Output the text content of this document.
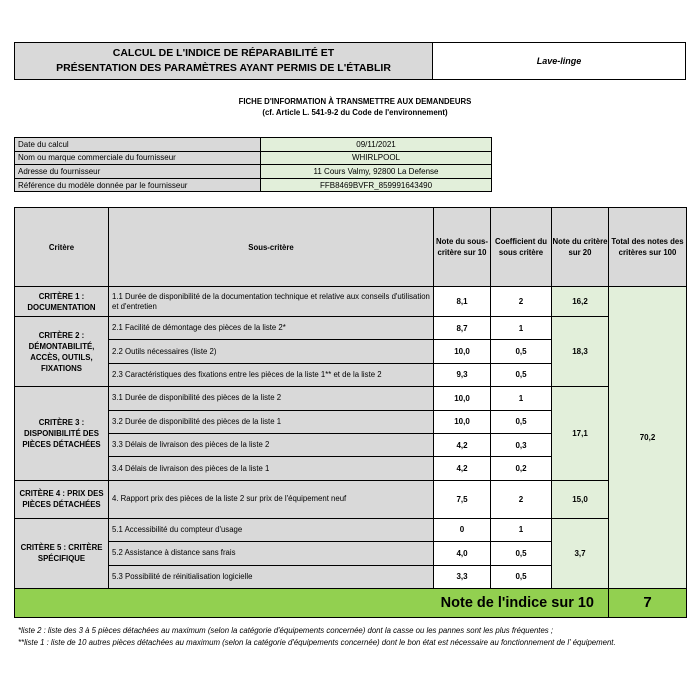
CALCUL DE L'INDICE DE RÉPARABILITÉ ET
PRÉSENTATION DES PARAMÈTRES AYANT PERMIS DE L'ÉTABLIR
Lave-linge
FICHE D'INFORMATION À TRANSMETTRE AUX DEMANDEURS
(cf. Article L. 541-9-2 du Code de l'environnement)
Date du calcul	09/11/2021
Nom ou marque commerciale du fournisseur	WHIRLPOOL
Adresse du fournisseur	11 Cours Valmy, 92800 La Defense
Référence du modèle donnée par le fournisseur	FFB8469BVFR_859991643490
Critère	Sous-critère	Note du sous-critère sur 10	Coefficient du sous critère	Note du critère sur 20	Total des notes des critères sur 100
CRITÈRE 1 : DOCUMENTATION	1.1 Durée de disponibilité de la documentation technique et relative aux conseils d'utilisation et d'entretien	8,1	2	16,2	70,2
CRITÈRE 2 : DÉMONTABILITÉ, ACCÈS, OUTILS, FIXATIONS	2.1 Facilité de démontage des pièces de la liste 2*	8,7	1	18,3	
	2.2 Outils nécessaires (liste 2)	10,0	0,5		
	2.3 Caractéristiques des fixations entre les pièces de la liste 1** et de la liste 2	9,3	0,5		
CRITÈRE 3 : DISPONIBILITÉ DES PIÈCES DÉTACHÉES	3.1 Durée de disponibilité des pièces de la liste 2	10,0	1	17,1	
	3.2 Durée de disponibilité des pièces de la liste 1	10,0	0,5		
	3.3 Délais de livraison des pièces de la liste 2	4,2	0,3		
	3.4 Délais de livraison des pièces de la liste 1	4,2	0,2		
CRITÈRE 4 : PRIX DES PIÈCES DÉTACHÉES	4. Rapport prix des pièces de la liste 2 sur prix de l'équipement neuf	7,5	2	15,0	
CRITÈRE 5 : CRITÈRE SPÉCIFIQUE	5.1 Accessibilité du compteur d'usage	0	1	3,7	
	5.2 Assistance à distance sans frais	4,0	0,5		
	5.3 Possibilité de réinitialisation logicielle	3,3	0,5		
Note de l'indice sur 10					7
*liste 2 : liste des 3 à 5 pièces détachées au maximum (selon la catégorie d'équipements concernée) dont la casse ou les pannes sont les plus fréquentes ;
**liste 1 : liste de 10 autres pièces détachées au maximum (selon la catégorie d'équipements concernée) dont le bon état est nécessaire au fonctionnement de l' équipement.
